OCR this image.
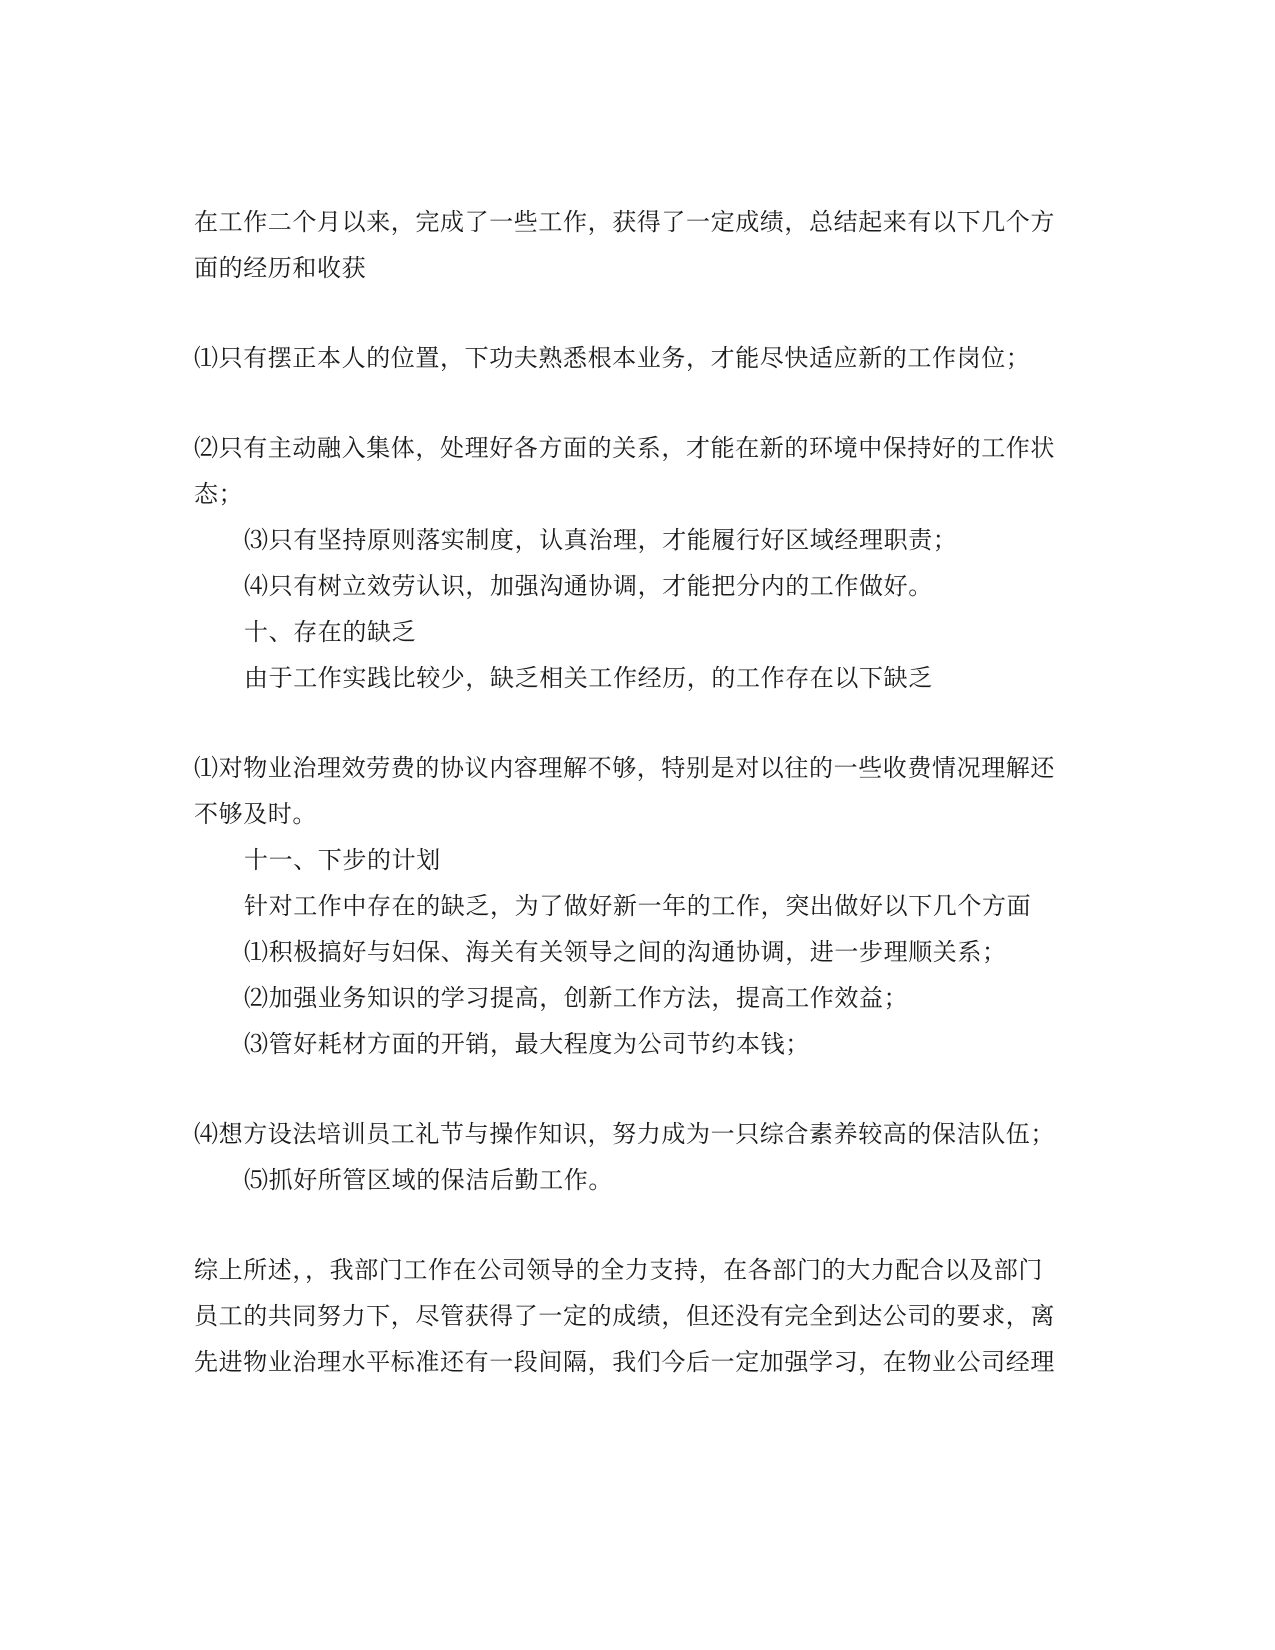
在工作二个月以来，完成了一些工作，获得了一定成绩，总结起来有以下几个方
面的经历和收获
⑴只有摆正本人的位置，下功夫熟悉根本业务，才能尽快适应新的工作岗位；
⑵只有主动融入集体，处理好各方面的关系，才能在新的环境中保持好的工作状
态；
⑶只有坚持原则落实制度，认真治理，才能履行好区域经理职责；
⑷只有树立效劳认识，加强沟通协调，才能把分内的工作做好。
十、存在的缺乏
由于工作实践比较少，缺乏相关工作经历，的工作存在以下缺乏
⑴对物业治理效劳费的协议内容理解不够，特别是对以往的一些收费情况理解还
不够及时。
十一、下步的计划
针对工作中存在的缺乏，为了做好新一年的工作，突出做好以下几个方面
⑴积极搞好与妇保、海关有关领导之间的沟通协调，进一步理顺关系；
⑵加强业务知识的学习提高，创新工作方法，提高工作效益；
⑶管好耗材方面的开销，最大程度为公司节约本钱；
⑷想方设法培训员工礼节与操作知识，努力成为一只综合素养较高的保洁队伍；
⑸抓好所管区域的保洁后勤工作。
综上所述，，我部门工作在公司领导的全力支持，在各部门的大力配合以及部门
员工的共同努力下，尽管获得了一定的成绩，但还没有完全到达公司的要求，离
先进物业治理水平标准还有一段间隔，我们今后一定加强学习，在物业公司经理
